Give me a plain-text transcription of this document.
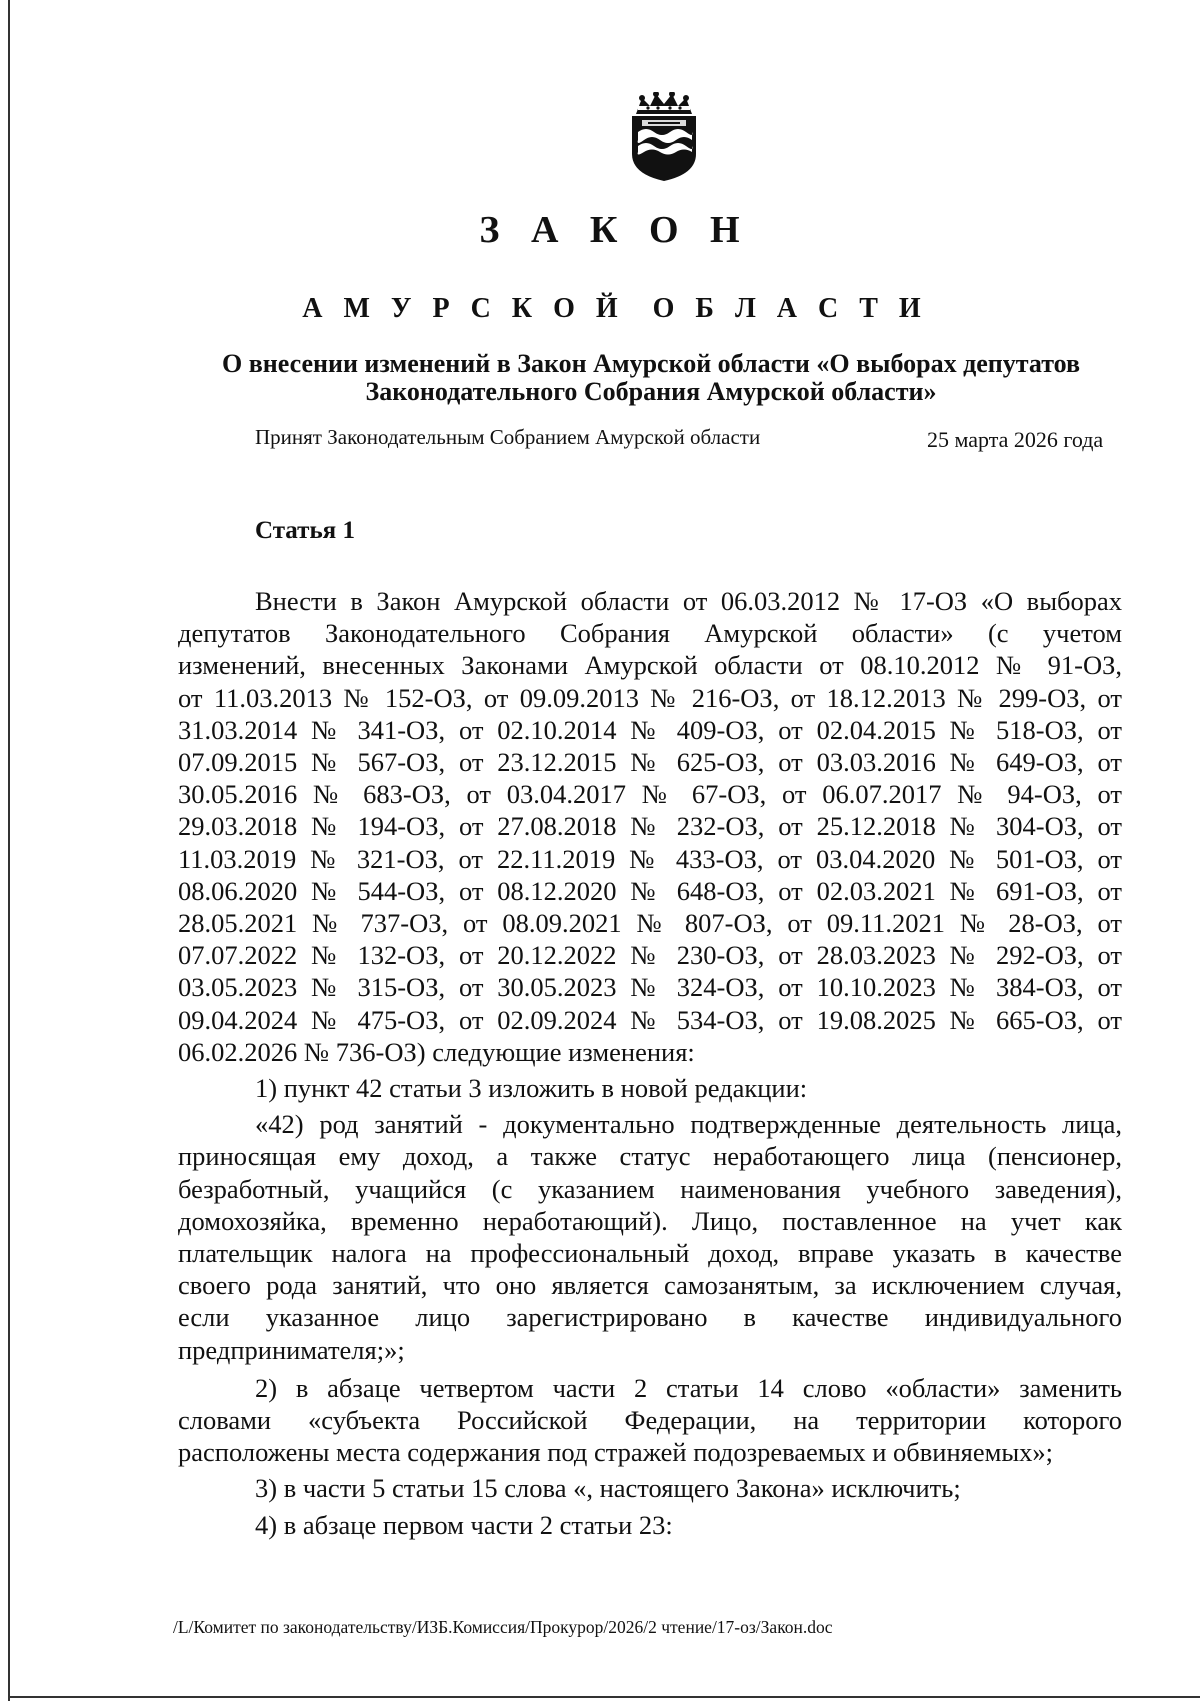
З А К О Н
А М У Р С К О Й О Б Л А С Т И
О внесении изменений в Закон Амурской области «О выборах депутатов
Законодательного Собрания Амурской области»
Принят Законодательным Собранием Амурской области	25 марта 2026 года
Статья 1

Внести в Закон Амурской области от 06.03.2012 № 17-ОЗ «О выборах

депутатов Законодательного Собрания Амурской области» (с учетом

изменений, внесенных Законами Амурской области от 08.10.2012 № 91-ОЗ,

от 11.03.2013 № 152-ОЗ, от 09.09.2013 № 216-ОЗ, от 18.12.2013 № 299-ОЗ, от

31.03.2014 № 341-ОЗ, от 02.10.2014 № 409-ОЗ, от 02.04.2015 № 518-ОЗ, от

07.09.2015 № 567-ОЗ, от 23.12.2015 № 625-ОЗ, от 03.03.2016 № 649-ОЗ, от

30.05.2016 № 683-ОЗ, от 03.04.2017 № 67-ОЗ, от 06.07.2017 № 94-ОЗ, от

29.03.2018 № 194-ОЗ, от 27.08.2018 № 232-ОЗ, от 25.12.2018 № 304-ОЗ, от

11.03.2019 № 321-ОЗ, от 22.11.2019 № 433-ОЗ, от 03.04.2020 № 501-ОЗ, от

08.06.2020 № 544-ОЗ, от 08.12.2020 № 648-ОЗ, от 02.03.2021 № 691-ОЗ, от

28.05.2021 № 737-ОЗ, от 08.09.2021 № 807-ОЗ, от 09.11.2021 № 28-ОЗ, от

07.07.2022 № 132-ОЗ, от 20.12.2022 № 230-ОЗ, от 28.03.2023 № 292-ОЗ, от

03.05.2023 № 315-ОЗ, от 30.05.2023 № 324-ОЗ, от 10.10.2023 № 384-ОЗ, от

09.04.2024 № 475-ОЗ, от 02.09.2024 № 534-ОЗ, от 19.08.2025 № 665-ОЗ, от

06.02.2026 № 736-ОЗ) следующие изменения:

1) пункт 42 статьи 3 изложить в новой редакции:

«42) род занятий - документально подтвержденные деятельность лица,

приносящая ему доход, а также статус неработающего лица (пенсионер,

безработный, учащийся (с указанием наименования учебного заведения),

домохозяйка, временно неработающий). Лицо, поставленное на учет как

плательщик налога на профессиональный доход, вправе указать в качестве

своего рода занятий, что оно является самозанятым, за исключением случая,

если указанное лицо зарегистрировано в качестве индивидуального

предпринимателя;»;

2) в абзаце четвертом части 2 статьи 14 слово «области» заменить

словами «субъекта Российской Федерации, на территории которого

расположены места содержания под стражей подозреваемых и обвиняемых»;

3) в части 5 статьи 15 слова «, настоящего Закона» исключить;

4) в абзаце первом части 2 статьи 23:

/L/Комитет по законодательству/ИЗБ.Комиссия/Прокурор/2026/2 чтение/17-оз/Закон.doc
